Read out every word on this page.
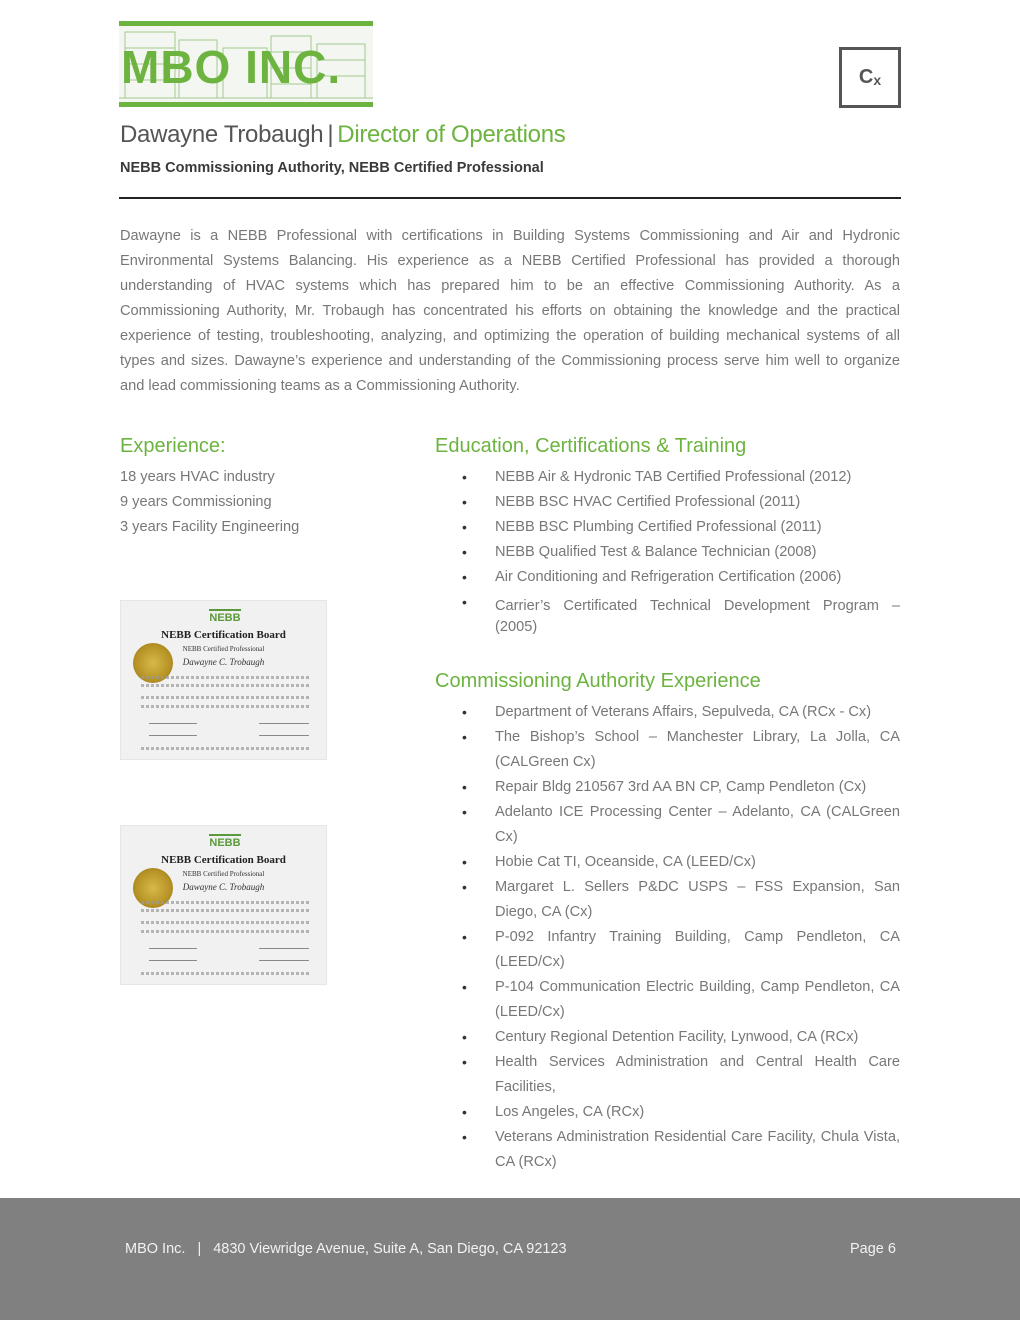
MBO INC.	C x
Dawayne Trobaugh | Director of Operations
NEBB Commissioning Authority, NEBB Certified Professional

Dawayne is a NEBB Professional with certifications in Building Systems Commissioning and Air and Hydronic Environmental Systems Balancing. His experience as a NEBB Certified Professional has provided a thorough understanding of HVAC systems which has prepared him to be an effective Commissioning Authority. As a Commissioning Authority, Mr. Trobaugh has concentrated his efforts on obtaining the knowledge and the practical experience of testing, troubleshooting, analyzing, and optimizing the operation of building mechanical systems of all types and sizes. Dawayne’s experience and understanding of the Commissioning process serve him well to organize and lead commissioning teams as a Commissioning Authority.

Experience:
18 years HVAC industry
9 years Commissioning
3 years Facility Engineering
NEBB
NEBB Certification Board
NEBB Certified Professional
Dawayne C. Trobaugh
NEBB
NEBB Certification Board
NEBB Certified Professional
Dawayne C. Trobaugh
Education, Certifications & Training
• NEBB Air & Hydronic TAB Certified Professional (2012)
• NEBB BSC HVAC Certified Professional (2011)
• NEBB BSC Plumbing Certified Professional (2011)
• NEBB Qualified Test & Balance Technician (2008)
• Air Conditioning and Refrigeration Certification (2006)
• Carrier’s Certificated Technical Development Program – (2005)
Commissioning Authority Experience
• Department of Veterans Affairs, Sepulveda, CA (RCx - Cx)
• The Bishop’s School – Manchester Library, La Jolla, CA (CALGreen Cx)
• Repair Bldg 210567 3rd AA BN CP, Camp Pendleton (Cx)
• Adelanto ICE Processing Center – Adelanto, CA (CALGreen Cx)
• Hobie Cat TI, Oceanside, CA (LEED/Cx)
• Margaret L. Sellers P&DC USPS – FSS Expansion, San Diego, CA (Cx)
• P-092 Infantry Training Building, Camp Pendleton, CA (LEED/Cx)
• P-104 Communication Electric Building, Camp Pendleton, CA (LEED/Cx)
• Century Regional Detention Facility, Lynwood, CA (RCx)
• Health Services Administration and Central Health Care Facilities,
• Los Angeles, CA (RCx)
• Veterans Administration Residential Care Facility, Chula Vista, CA (RCx)
MBO Inc. | 4830 Viewridge Avenue, Suite A, San Diego, CA 92123	Page 6
